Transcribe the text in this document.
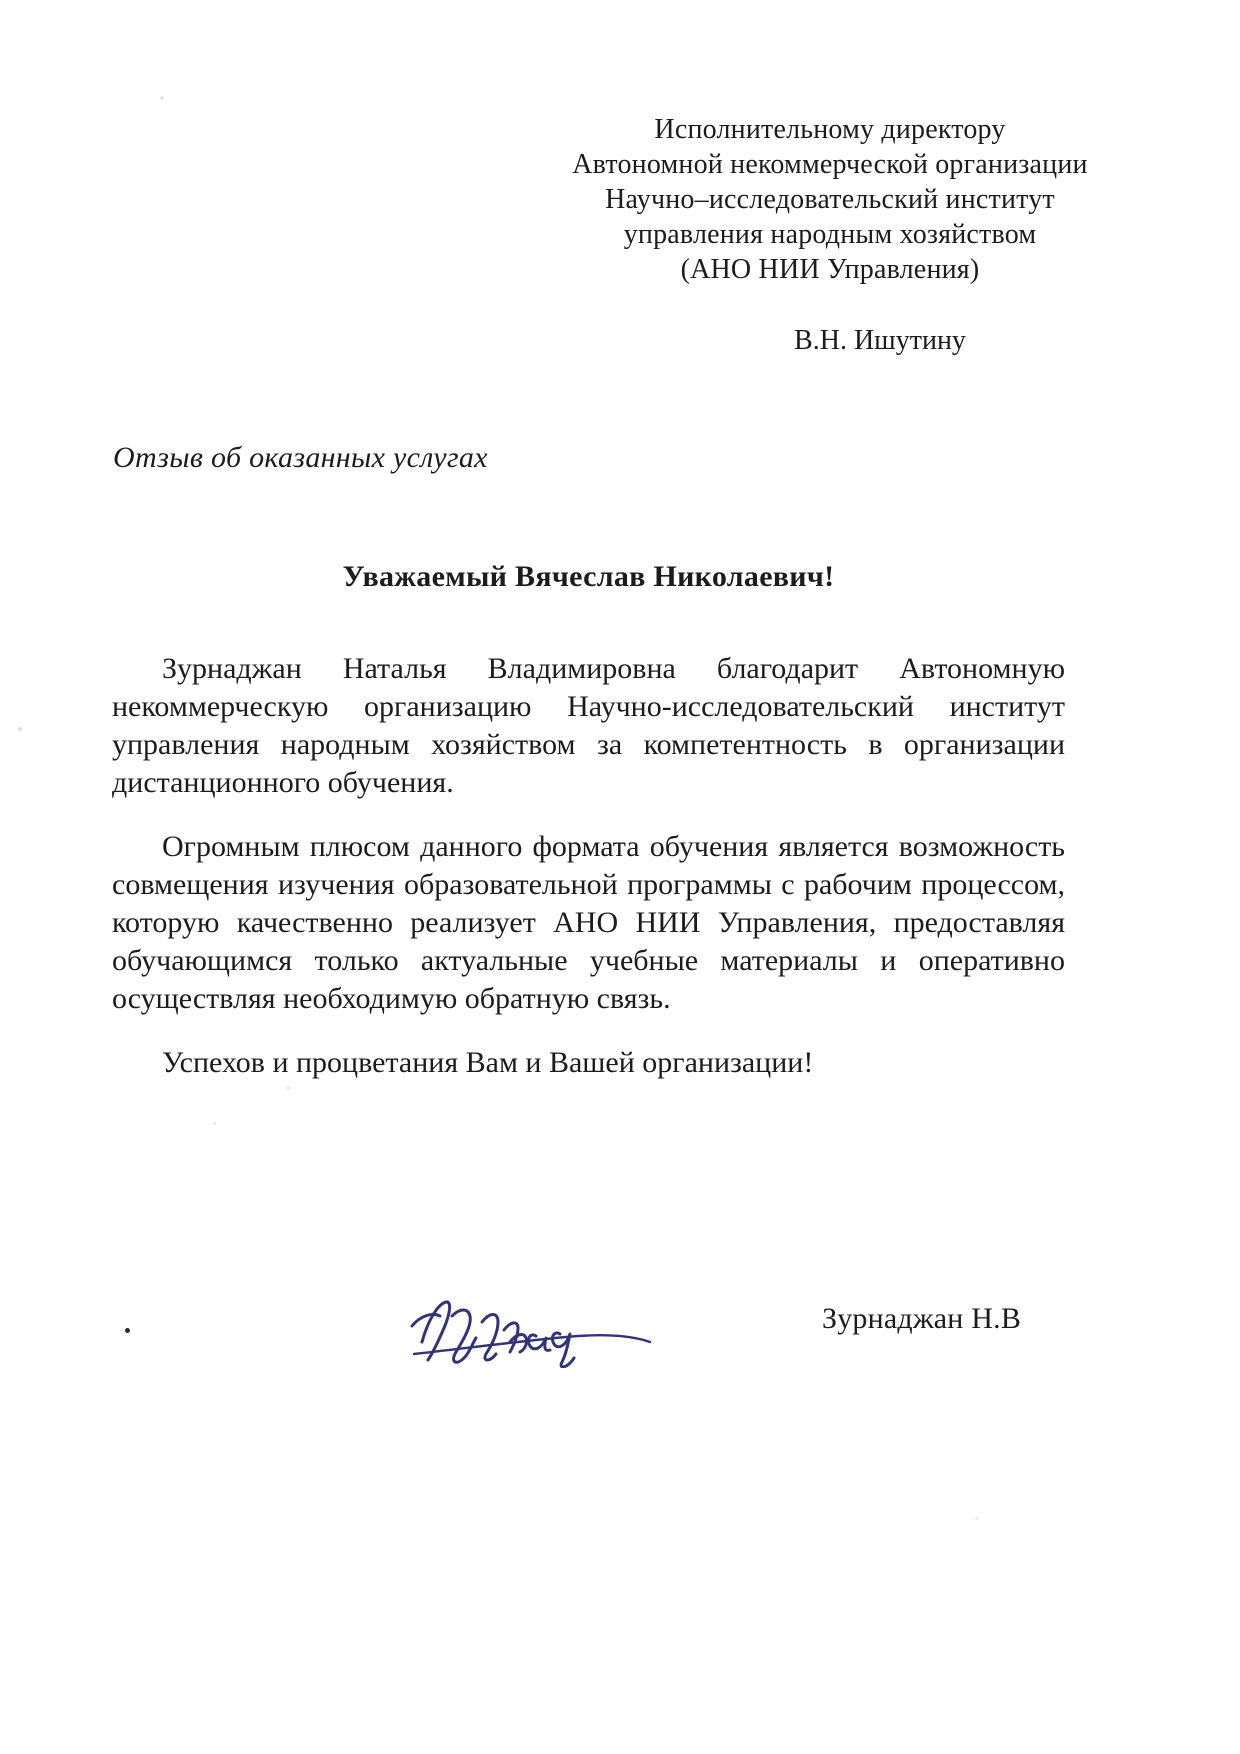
Исполнительному директору
Автономной некоммерческой организации
Научно–исследовательский институт
управления народным хозяйством
(АНО НИИ Управления)
В.Н. Ишутину
Отзыв об оказанных услугах
Уважаемый Вячеслав Николаевич!

Зурнаджан Наталья Владимировна благодарит Автономную некоммерческую организацию Научно-исследовательский институт управления народным хозяйством за компетентность в организации дистанционного обучения.

Огромным плюсом данного формата обучения является возможность совмещения изучения образовательной программы с рабочим процессом, которую качественно реализует АНО НИИ Управления, предоставляя обучающимся только актуальные учебные материалы и оперативно осуществляя необходимую обратную связь.

Успехов и процветания Вам и Вашей организации!

Зурнаджан Н.В
